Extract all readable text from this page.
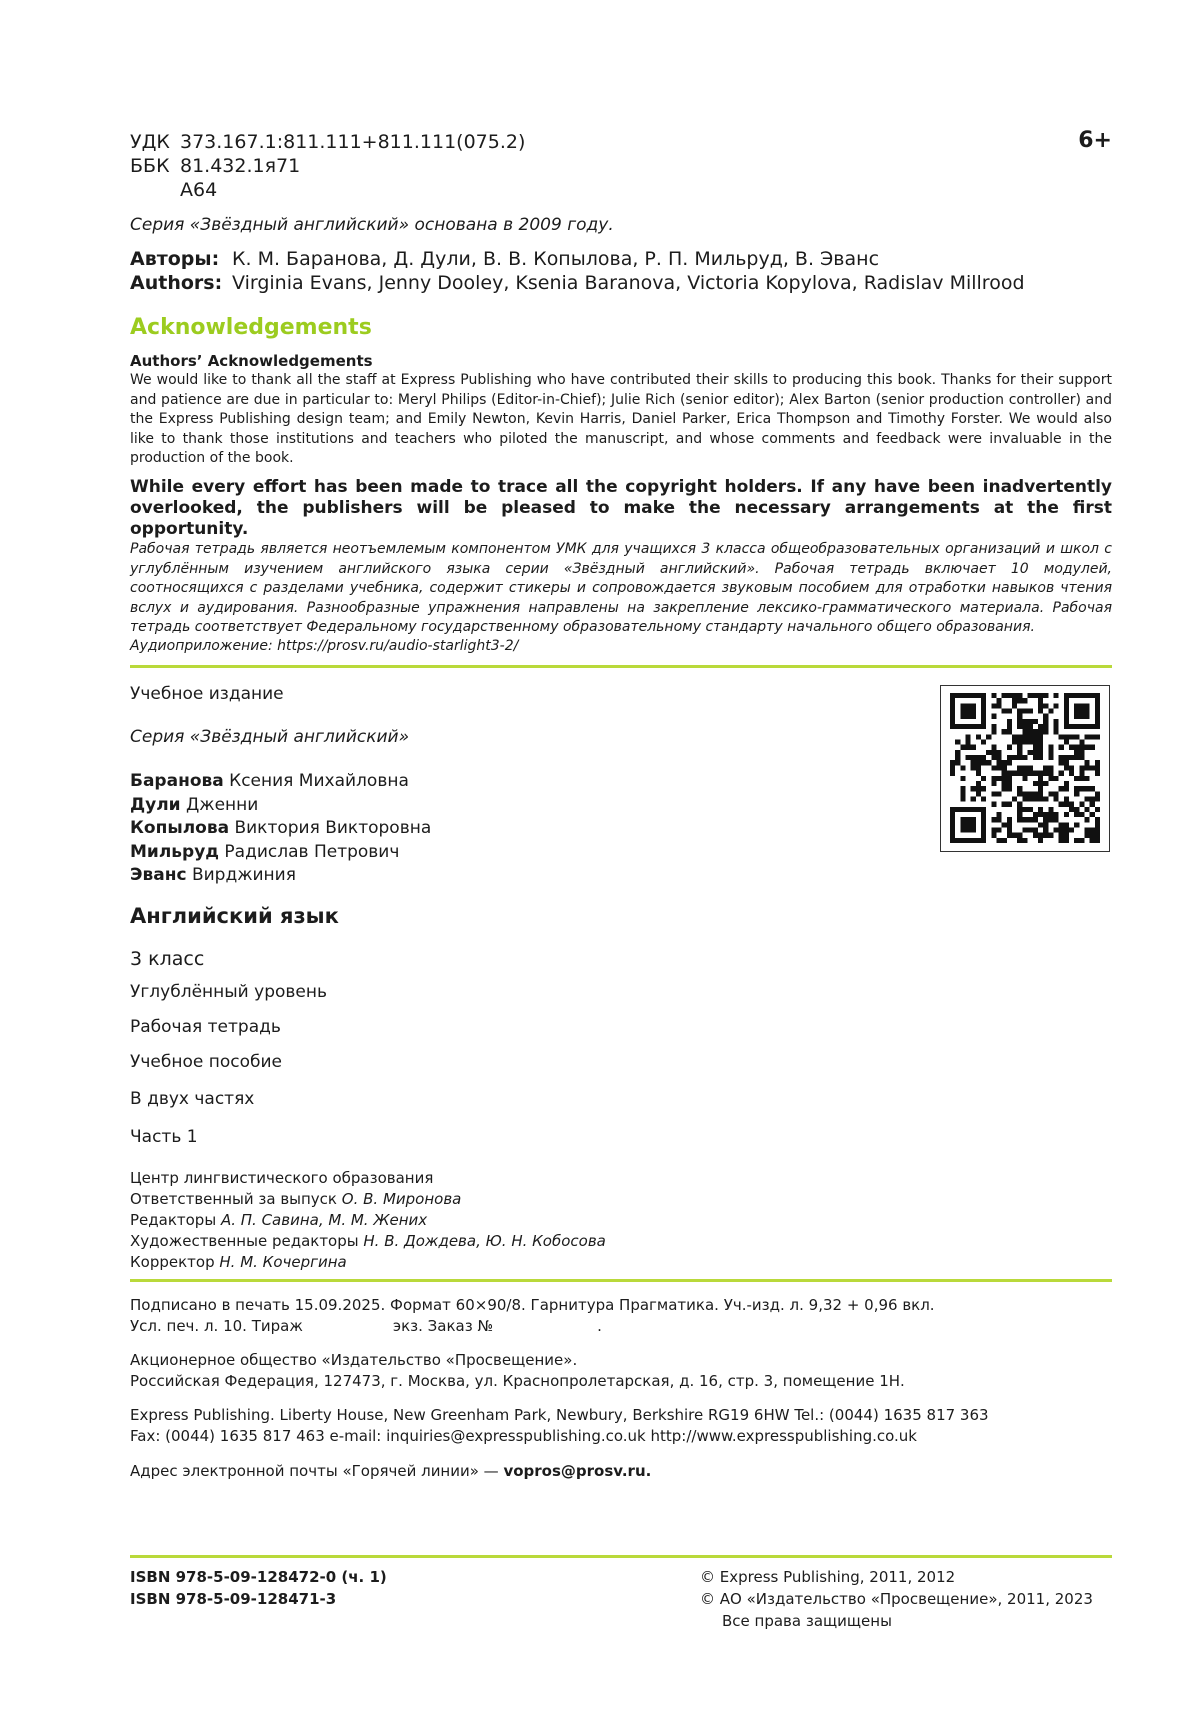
УДК 373.167.1:811.111+811.111(075.2)
ББК 81.432.1я71
А64
6+
Серия «Звёздный английский» основана в 2009 году.
Авторы: К. М. Баранова, Д. Дули, В. В. Копылова, Р. П. Мильруд, В. Эванс
Authors: Virginia Evans, Jenny Dooley, Ksenia Baranova, Victoria Kopylova, Radislav Millrood
Acknowledgements
Authors’ Acknowledgements
We would like to thank all the staff at Express Publishing who have contributed their skills to producing this book. Thanks for their support and patience are due in particular to: Meryl Philips (Editor-in-Chief); Julie Rich (senior editor); Alex Barton (senior production controller) and the Express Publishing design team; and Emily Newton, Kevin Harris, Daniel Parker, Erica Thompson and Timothy Forster. We would also like to thank those institutions and teachers who piloted the manuscript, and whose comments and feedback were invaluable in the production of the book.
While every effort has been made to trace all the copyright holders. If any have been inadvertently overlooked, the publishers will be pleased to make the necessary arrangements at the first opportunity.
Рабочая тетрадь является неотъемлемым компонентом УМК для учащихся 3 класса общеобразовательных организаций и школ с углублённым изучением английского языка серии «Звёздный английский». Рабочая тетрадь включает 10 модулей, соотносящихся с разделами учебника, содержит стикеры и сопровождается звуковым пособием для отработки навыков чтения вслух и аудирования. Разнообразные упражнения направлены на закрепление лексико-грамматического материала. Рабочая тетрадь соответствует Федеральному государственному образовательному стандарту начального общего образования.
Аудиоприложение: https://prosv.ru/audio-starlight3-2/
Учебное издание
Серия «Звёздный английский»
Баранова Ксения Михайловна
Дули Дженни
Копылова Виктория Викторовна
Мильруд Радислав Петрович
Эванс Вирджиния
Английский язык
3 класс
Углублённый уровень
Рабочая тетрадь
Учебное пособие
В двух частях
Часть 1
Центр лингвистического образования
Ответственный за выпуск О. В. Миронова
Редакторы А. П. Савина, М. М. Жених
Художественные редакторы Н. В. Дождева, Ю. Н. Кобосова
Корректор Н. М. Кочергина
Подписано в печать 15.09.2025. Формат 60×90/8. Гарнитура Прагматика. Уч.-изд. л. 9,32 + 0,96 вкл.
Усл. печ. л. 10. Тираж	экз. Заказ №	.
Акционерное общество «Издательство «Просвещение».
Российская Федерация, 127473, г. Москва, ул. Краснопролетарская, д. 16, стр. 3, помещение 1Н.
Express Publishing. Liberty House, New Greenham Park, Newbury, Berkshire RG19 6HW Tel.: (0044) 1635 817 363
Fax: (0044) 1635 817 463 e-mail: inquiries@expresspublishing.co.uk http://www.expresspublishing.co.uk
Адрес электронной почты «Горячей линии» — vopros@prosv.ru.
ISBN 978-5-09-128472-0 (ч. 1)
ISBN 978-5-09-128471-3
© Express Publishing, 2011, 2012
© АО «Издательство «Просвещение», 2011, 2023
Все права защищены
